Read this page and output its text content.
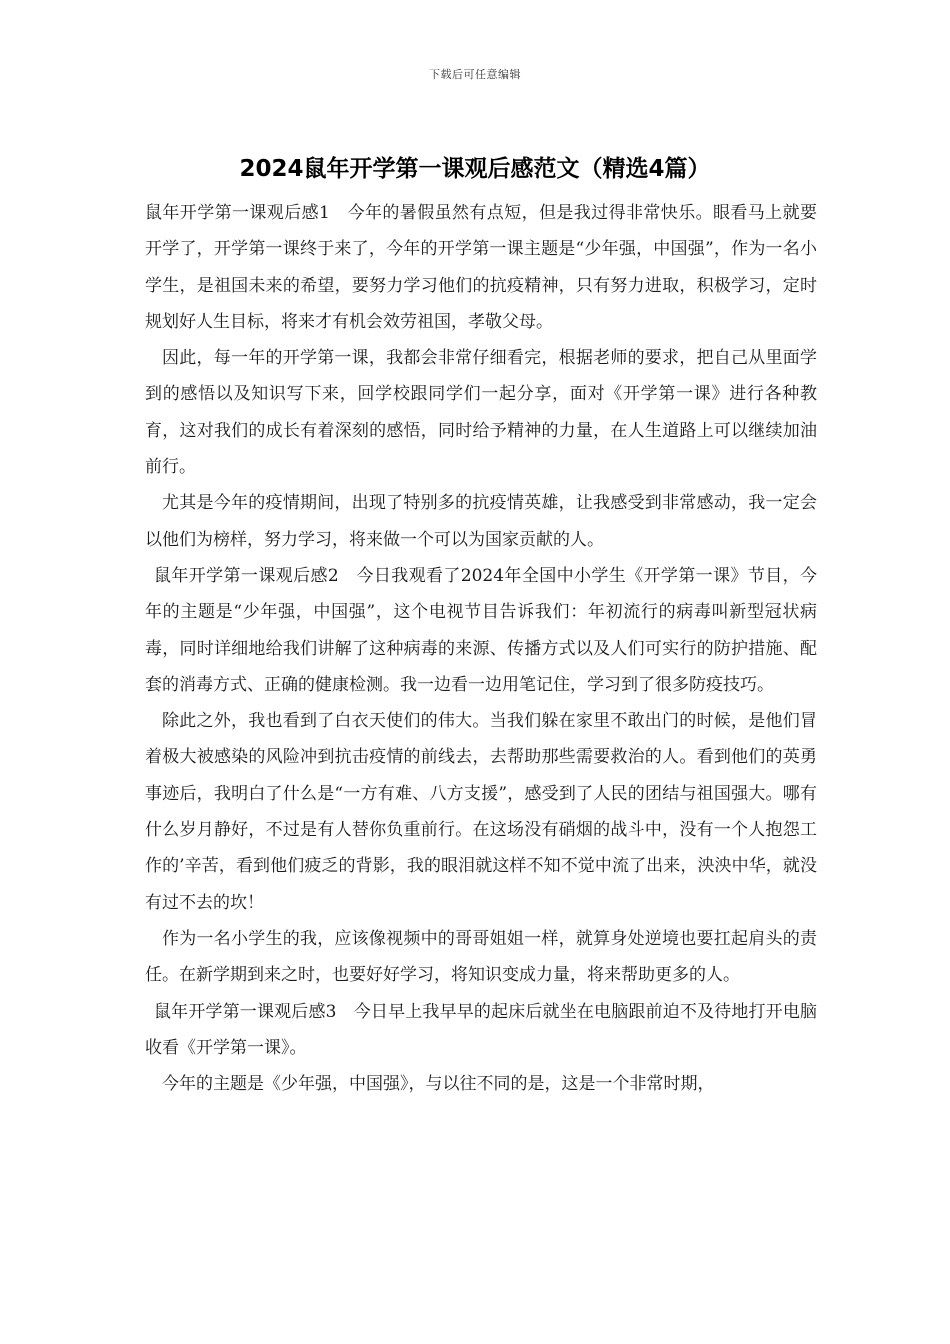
下载后可任意编辑
2024鼠年开学第一课观后感范文（精选4篇）

鼠年开学第一课观后感1　今年的暑假虽然有点短，但是我过得非常快乐。眼看马上就要开学了，开学第一课终于来了，今年的开学第一课主题是“少年强，中国强”，作为一名小学生，是祖国未来的希望，要努力学习他们的抗疫精神，只有努力进取，积极学习，定时规划好人生目标，将来才有机会效劳祖国，孝敬父母。

因此，每一年的开学第一课，我都会非常仔细看完，根据老师的要求，把自己从里面学到的感悟以及知识写下来，回学校跟同学们一起分享，面对《开学第一课》进行各种教育，这对我们的成长有着深刻的感悟，同时给予精神的力量，在人生道路上可以继续加油前行。

尤其是今年的疫情期间，出现了特别多的抗疫情英雄，让我感受到非常感动，我一定会以他们为榜样，努力学习，将来做一个可以为国家贡献的人。

鼠年开学第一课观后感2　今日我观看了2024年全国中小学生《开学第一课》节目，今年的主题是“少年强，中国强”，这个电视节目告诉我们：年初流行的病毒叫新型冠状病毒，同时详细地给我们讲解了这种病毒的来源、传播方式以及人们可实行的防护措施、配套的消毒方式、正确的健康检测。我一边看一边用笔记住，学习到了很多防疫技巧。

除此之外，我也看到了白衣天使们的伟大。当我们躲在家里不敢出门的时候，是他们冒着极大被感染的风险冲到抗击疫情的前线去，去帮助那些需要救治的人。看到他们的英勇事迹后，我明白了什么是“一方有难、八方支援”，感受到了人民的团结与祖国强大。哪有什么岁月静好，不过是有人替你负重前行。在这场没有硝烟的战斗中，没有一个人抱怨工作的’辛苦，看到他们疲乏的背影，我的眼泪就这样不知不觉中流了出来，泱泱中华，就没有过不去的坎！

作为一名小学生的我，应该像视频中的哥哥姐姐一样，就算身处逆境也要扛起肩头的责任。在新学期到来之时，也要好好学习，将知识变成力量，将来帮助更多的人。

鼠年开学第一课观后感3　今日早上我早早的起床后就坐在电脑跟前迫不及待地打开电脑收看《开学第一课》。

今年的主题是《少年强，中国强》，与以往不同的是，这是一个非常时期，
